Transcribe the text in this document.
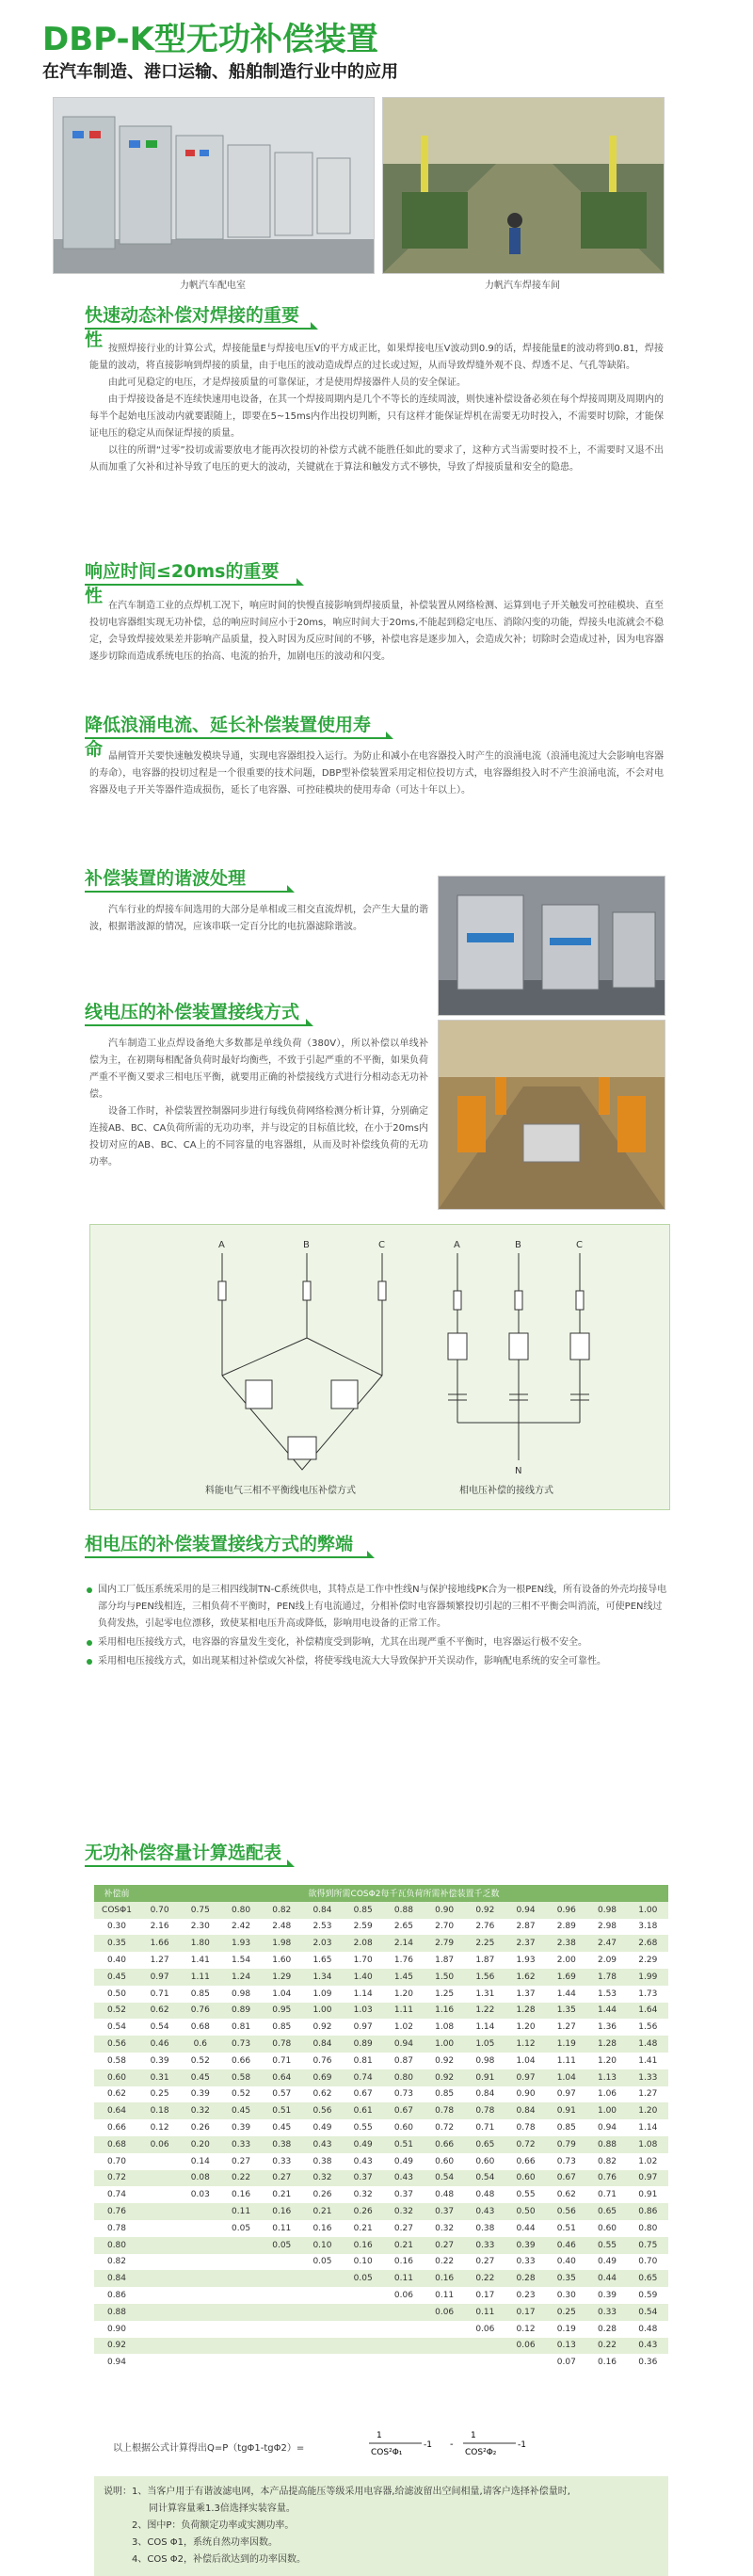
DBP-K型无功补偿装置
在汽车制造、港口运输、船舶制造行业中的应用
力帆汽车配电室	力帆汽车焊接车间
快速动态补偿对焊接的重要性 按照焊接行业的计算公式，焊接能量E与焊接电压V的平方成正比，如果焊接电压V波动到0.9的话，焊接能量E的波动将到0.81，焊接能量的波动，将直接影响到焊接的质量，由于电压的波动造成焊点的过长或过短，从而导致焊缝外观不良、焊透不足、气孔等缺陷。

由此可见稳定的电压，才是焊接质量的可靠保证，才是使用焊接器件人员的安全保证。

由于焊接设备是不连续快速用电设备，在其一个焊接周期内是几个不等长的连续周波，则快速补偿设备必须在每个焊接周期及周期内的每半个起始电压波动内就要跟随上，即要在5~15ms内作出投切判断，只有这样才能保证焊机在需要无功时投入，不需要时切除，才能保证电压的稳定从而保证焊接的质量。

以往的所谓“过零”投切或需要放电才能再次投切的补偿方式就不能胜任如此的要求了，这种方式当需要时投不上，不需要时又退不出从而加重了欠补和过补导致了电压的更大的波动，关键就在于算法和触发方式不够快，导致了焊接质量和安全的隐患。

响应时间≤20ms的重要性 在汽车制造工业的点焊机工况下，响应时间的快慢直接影响到焊接质量，补偿装置从网络检测、运算到电子开关触发可控硅模块、直至投切电容器组实现无功补偿，总的响应时间应小于20ms，响应时间大于20ms,不能起到稳定电压、消除闪变的功能，焊接头电流就会不稳定，会导致焊接效果差并影响产品质量，投入时因为反应时间的不够，补偿电容是逐步加入，会造成欠补；切除时会造成过补，因为电容器逐步切除而造成系统电压的抬高、电流的抬升，加剧电压的波动和闪变。

降低浪涌电流、延长补偿装置使用寿命 晶闸管开关要快速触发模块导通，实现电容器组投入运行。为防止和减小在电容器投入时产生的浪涌电流（浪涌电流过大会影响电容器的寿命），电容器的投切过程是一个很重要的技术问题，DBP型补偿装置采用定相位投切方式，电容器组投入时不产生浪涌电流，不会对电容器及电子开关等器件造成损伤，延长了电容器、可控硅模块的使用寿命（可达十年以上）。

补偿装置的谐波处理

汽车行业的焊接车间选用的大部分是单相或三相交直流焊机，会产生大量的谐波，根据谐波源的情况，应该串联一定百分比的电抗器滤除谐波。

线电压的补偿装置接线方式

汽车制造工业点焊设备绝大多数都是单线负荷（380V），所以补偿以单线补偿为主，在初期每相配备负荷时最好均衡些，不致于引起严重的不平衡，如果负荷严重不平衡又要求三相电压平衡，就要用正确的补偿接线方式进行分相动态无功补偿。

设备工作时，补偿装置控制器同步进行每线负荷网络检测分析计算，分别确定连接AB、BC、CA负荷所需的无功功率，并与设定的目标值比较，在小于20ms内投切对应的AB、BC、CA上的不同容量的电容器组，从而及时补偿线负荷的无功功率。

A	B	C	A	B	C
N
料能电气三相不平衡线电压补偿方式	相电压补偿的接线方式
相电压的补偿装置接线方式的弊端
国内工厂低压系统采用的是三相四线制TN-C系统供电，其特点是工作中性线N与保护接地线PK合为一根PEN线，所有设备的外壳均接导电部分均与PEN线相连，三相负荷不平衡时，PEN线上有电流通过，分相补偿时电容器频繁投切引起的三相不平衡会叫消流，可使PEN线过负荷发热，引起零电位漂移，致使某相电压升高或降低，影响用电设备的正常工作。
采用相电压接线方式，电容器的容量发生变化，补偿精度受到影响，尤其在出现严重不平衡时，电容器运行极不安全。
采用相电压接线方式，如出现某相过补偿或欠补偿，将使零线电流大大导致保护开关误动作，影响配电系统的安全可靠性。
无功补偿容量计算选配表
补偿前	欲得到所需COSΦ2每千瓦负荷所需补偿装置千乏数												
COSΦ1	0.70	0.75	0.80	0.82	0.84	0.85	0.88	0.90	0.92	0.94	0.96	0.98	1.00
0.30	2.16	2.30	2.42	2.48	2.53	2.59	2.65	2.70	2.76	2.87	2.89	2.98	3.18
0.35	1.66	1.80	1.93	1.98	2.03	2.08	2.14	2.79	2.25	2.37	2.38	2.47	2.68
0.40	1.27	1.41	1.54	1.60	1.65	1.70	1.76	1.87	1.87	1.93	2.00	2.09	2.29
0.45	0.97	1.11	1.24	1.29	1.34	1.40	1.45	1.50	1.56	1.62	1.69	1.78	1.99
0.50	0.71	0.85	0.98	1.04	1.09	1.14	1.20	1.25	1.31	1.37	1.44	1.53	1.73
0.52	0.62	0.76	0.89	0.95	1.00	1.03	1.11	1.16	1.22	1.28	1.35	1.44	1.64
0.54	0.54	0.68	0.81	0.85	0.92	0.97	1.02	1.08	1.14	1.20	1.27	1.36	1.56
0.56	0.46	0.6	0.73	0.78	0.84	0.89	0.94	1.00	1.05	1.12	1.19	1.28	1.48
0.58	0.39	0.52	0.66	0.71	0.76	0.81	0.87	0.92	0.98	1.04	1.11	1.20	1.41
0.60	0.31	0.45	0.58	0.64	0.69	0.74	0.80	0.92	0.91	0.97	1.04	1.13	1.33
0.62	0.25	0.39	0.52	0.57	0.62	0.67	0.73	0.85	0.84	0.90	0.97	1.06	1.27
0.64	0.18	0.32	0.45	0.51	0.56	0.61	0.67	0.78	0.78	0.84	0.91	1.00	1.20
0.66	0.12	0.26	0.39	0.45	0.49	0.55	0.60	0.72	0.71	0.78	0.85	0.94	1.14
0.68	0.06	0.20	0.33	0.38	0.43	0.49	0.51	0.66	0.65	0.72	0.79	0.88	1.08
0.70		0.14	0.27	0.33	0.38	0.43	0.49	0.60	0.60	0.66	0.73	0.82	1.02
0.72		0.08	0.22	0.27	0.32	0.37	0.43	0.54	0.54	0.60	0.67	0.76	0.97
0.74		0.03	0.16	0.21	0.26	0.32	0.37	0.48	0.48	0.55	0.62	0.71	0.91
0.76			0.11	0.16	0.21	0.26	0.32	0.37	0.43	0.50	0.56	0.65	0.86
0.78			0.05	0.11	0.16	0.21	0.27	0.32	0.38	0.44	0.51	0.60	0.80
0.80				0.05	0.10	0.16	0.21	0.27	0.33	0.39	0.46	0.55	0.75
0.82					0.05	0.10	0.16	0.22	0.27	0.33	0.40	0.49	0.70
0.84						0.05	0.11	0.16	0.22	0.28	0.35	0.44	0.65
0.86							0.06	0.11	0.17	0.23	0.30	0.39	0.59
0.88								0.06	0.11	0.17	0.25	0.33	0.54
0.90									0.06	0.12	0.19	0.28	0.48
0.92										0.06	0.13	0.22	0.43
0.94											0.07	0.16	0.36
以上根据公式计算得出Q=P（tgΦ1-tgΦ2）=
1
COS²Φ₁
-1 -
1
COS²Φ₂
-1
说明： 1、当客户用于有谐波滤电网，本产品提高能压等级采用电容器,给滤波留出空间相量,请客户选择补偿量时,
同计算容量乘1.3倍选择实装容量。
2、图中P：负荷额定功率或实测功率。
3、COS Φ1，系统自然功率因数。
4、COS Φ2，补偿后欲达到的功率因数。
